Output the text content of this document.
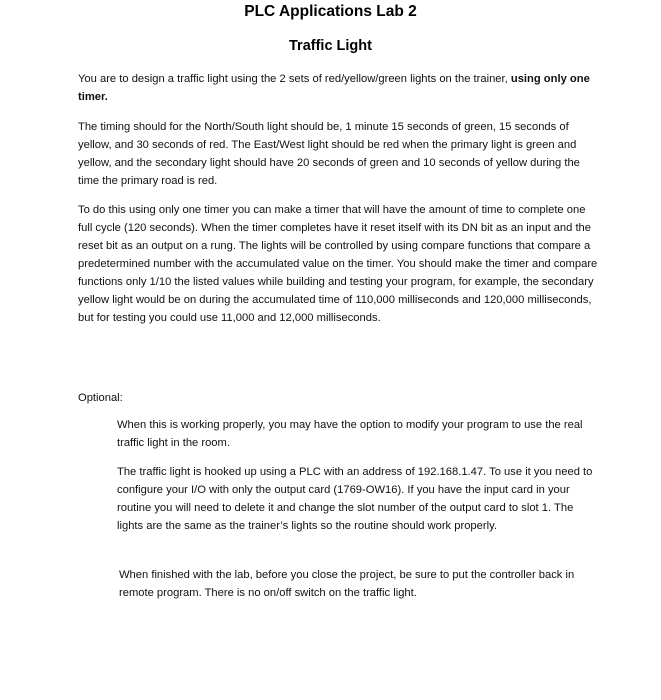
PLC Applications Lab 2
Traffic Light

You are to design a traffic light using the 2 sets of red/yellow/green lights on the trainer, using only one timer.

The timing should for the North/South light should be, 1 minute 15 seconds of green, 15 seconds of yellow, and 30 seconds of red. The East/West light should be red when the primary light is green and yellow, and the secondary light should have 20 seconds of green and 10 seconds of yellow during the time the primary road is red.

To do this using only one timer you can make a timer that will have the amount of time to complete one full cycle (120 seconds). When the timer completes have it reset itself with its DN bit as an input and the reset bit as an output on a rung. The lights will be controlled by using compare functions that compare a predetermined number with the accumulated value on the timer. You should make the timer and compare functions only 1/10 the listed values while building and testing your program, for example, the secondary yellow light would be on during the accumulated time of 110,000 milliseconds and 120,000 milliseconds, but for testing you could use 11,000 and 12,000 milliseconds.

Optional:

When this is working properly, you may have the option to modify your program to use the real traffic light in the room.

The traffic light is hooked up using a PLC with an address of 192.168.1.47. To use it you need to configure your I/O with only the output card (1769-OW16). If you have the input card in your routine you will need to delete it and change the slot number of the output card to slot 1. The lights are the same as the trainer’s lights so the routine should work properly.

When finished with the lab, before you close the project, be sure to put the controller back in remote program. There is no on/off switch on the traffic light.
